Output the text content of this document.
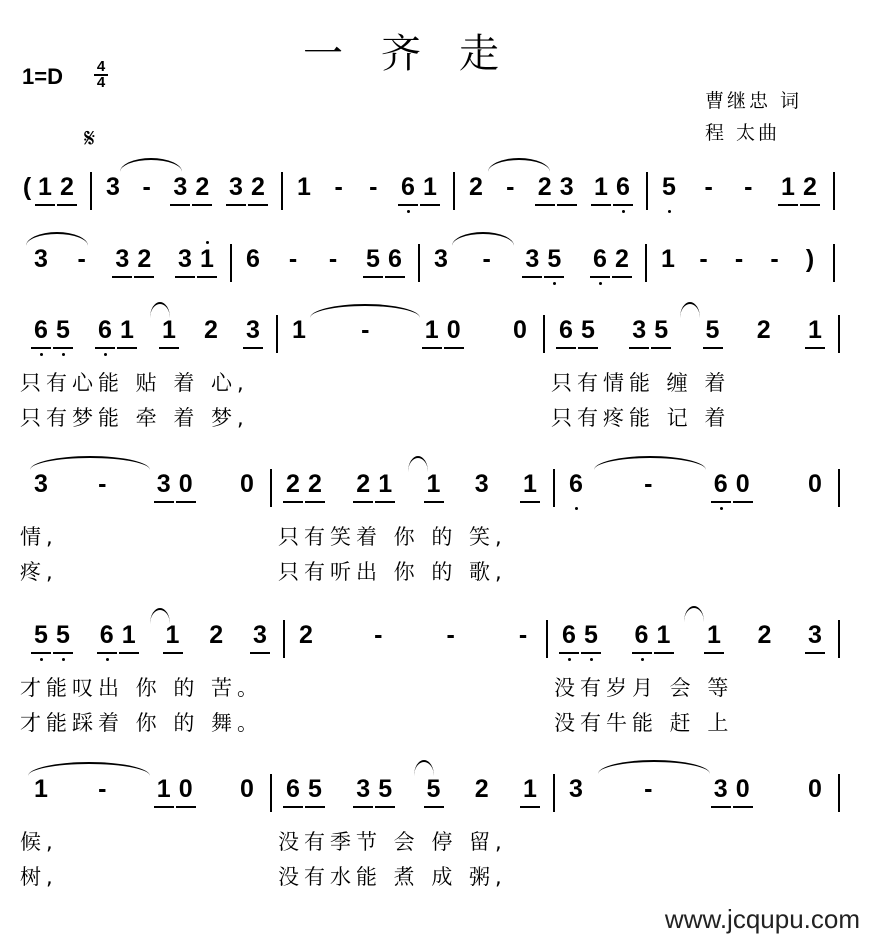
一齐走
1=D 4
4
曹继忠 词
程 太曲
𝄋
( 1 2 3 - 3 2 3 2 1 - - 6 1 2 - 2 3 1 6 5 - - 1 2
3 - 3 2 3 1 6 - - 5 6 3 - 3 5 6 2 1 - - - )
6 5 6 1 1 2 3
只有心能 贴 着 心,
只有梦能 牵 着 梦,
1 - 1 0 0 6 5 3 5 5 2 1
只有情能 缠 着
只有疼能 记 着
3 - 3 0 0
情,
疼,
2 2 2 1 1 3 1
只有笑着 你 的 笑,
只有听出 你 的 歌,
6 - 6 0 0
5 5 6 1 1 2 3
才能叹出 你 的 苦。
才能踩着 你 的 舞。
2 -	-	- 6 5 6 1 1 2 3
没有岁月 会 等
没有牛能 赶 上
1 - 1 0 0
候,
树,
6 5 3 5 5 2 1
没有季节 会 停 留,
没有水能 煮 成 粥,
3 - 3 0 0
www.jcqupu.com
